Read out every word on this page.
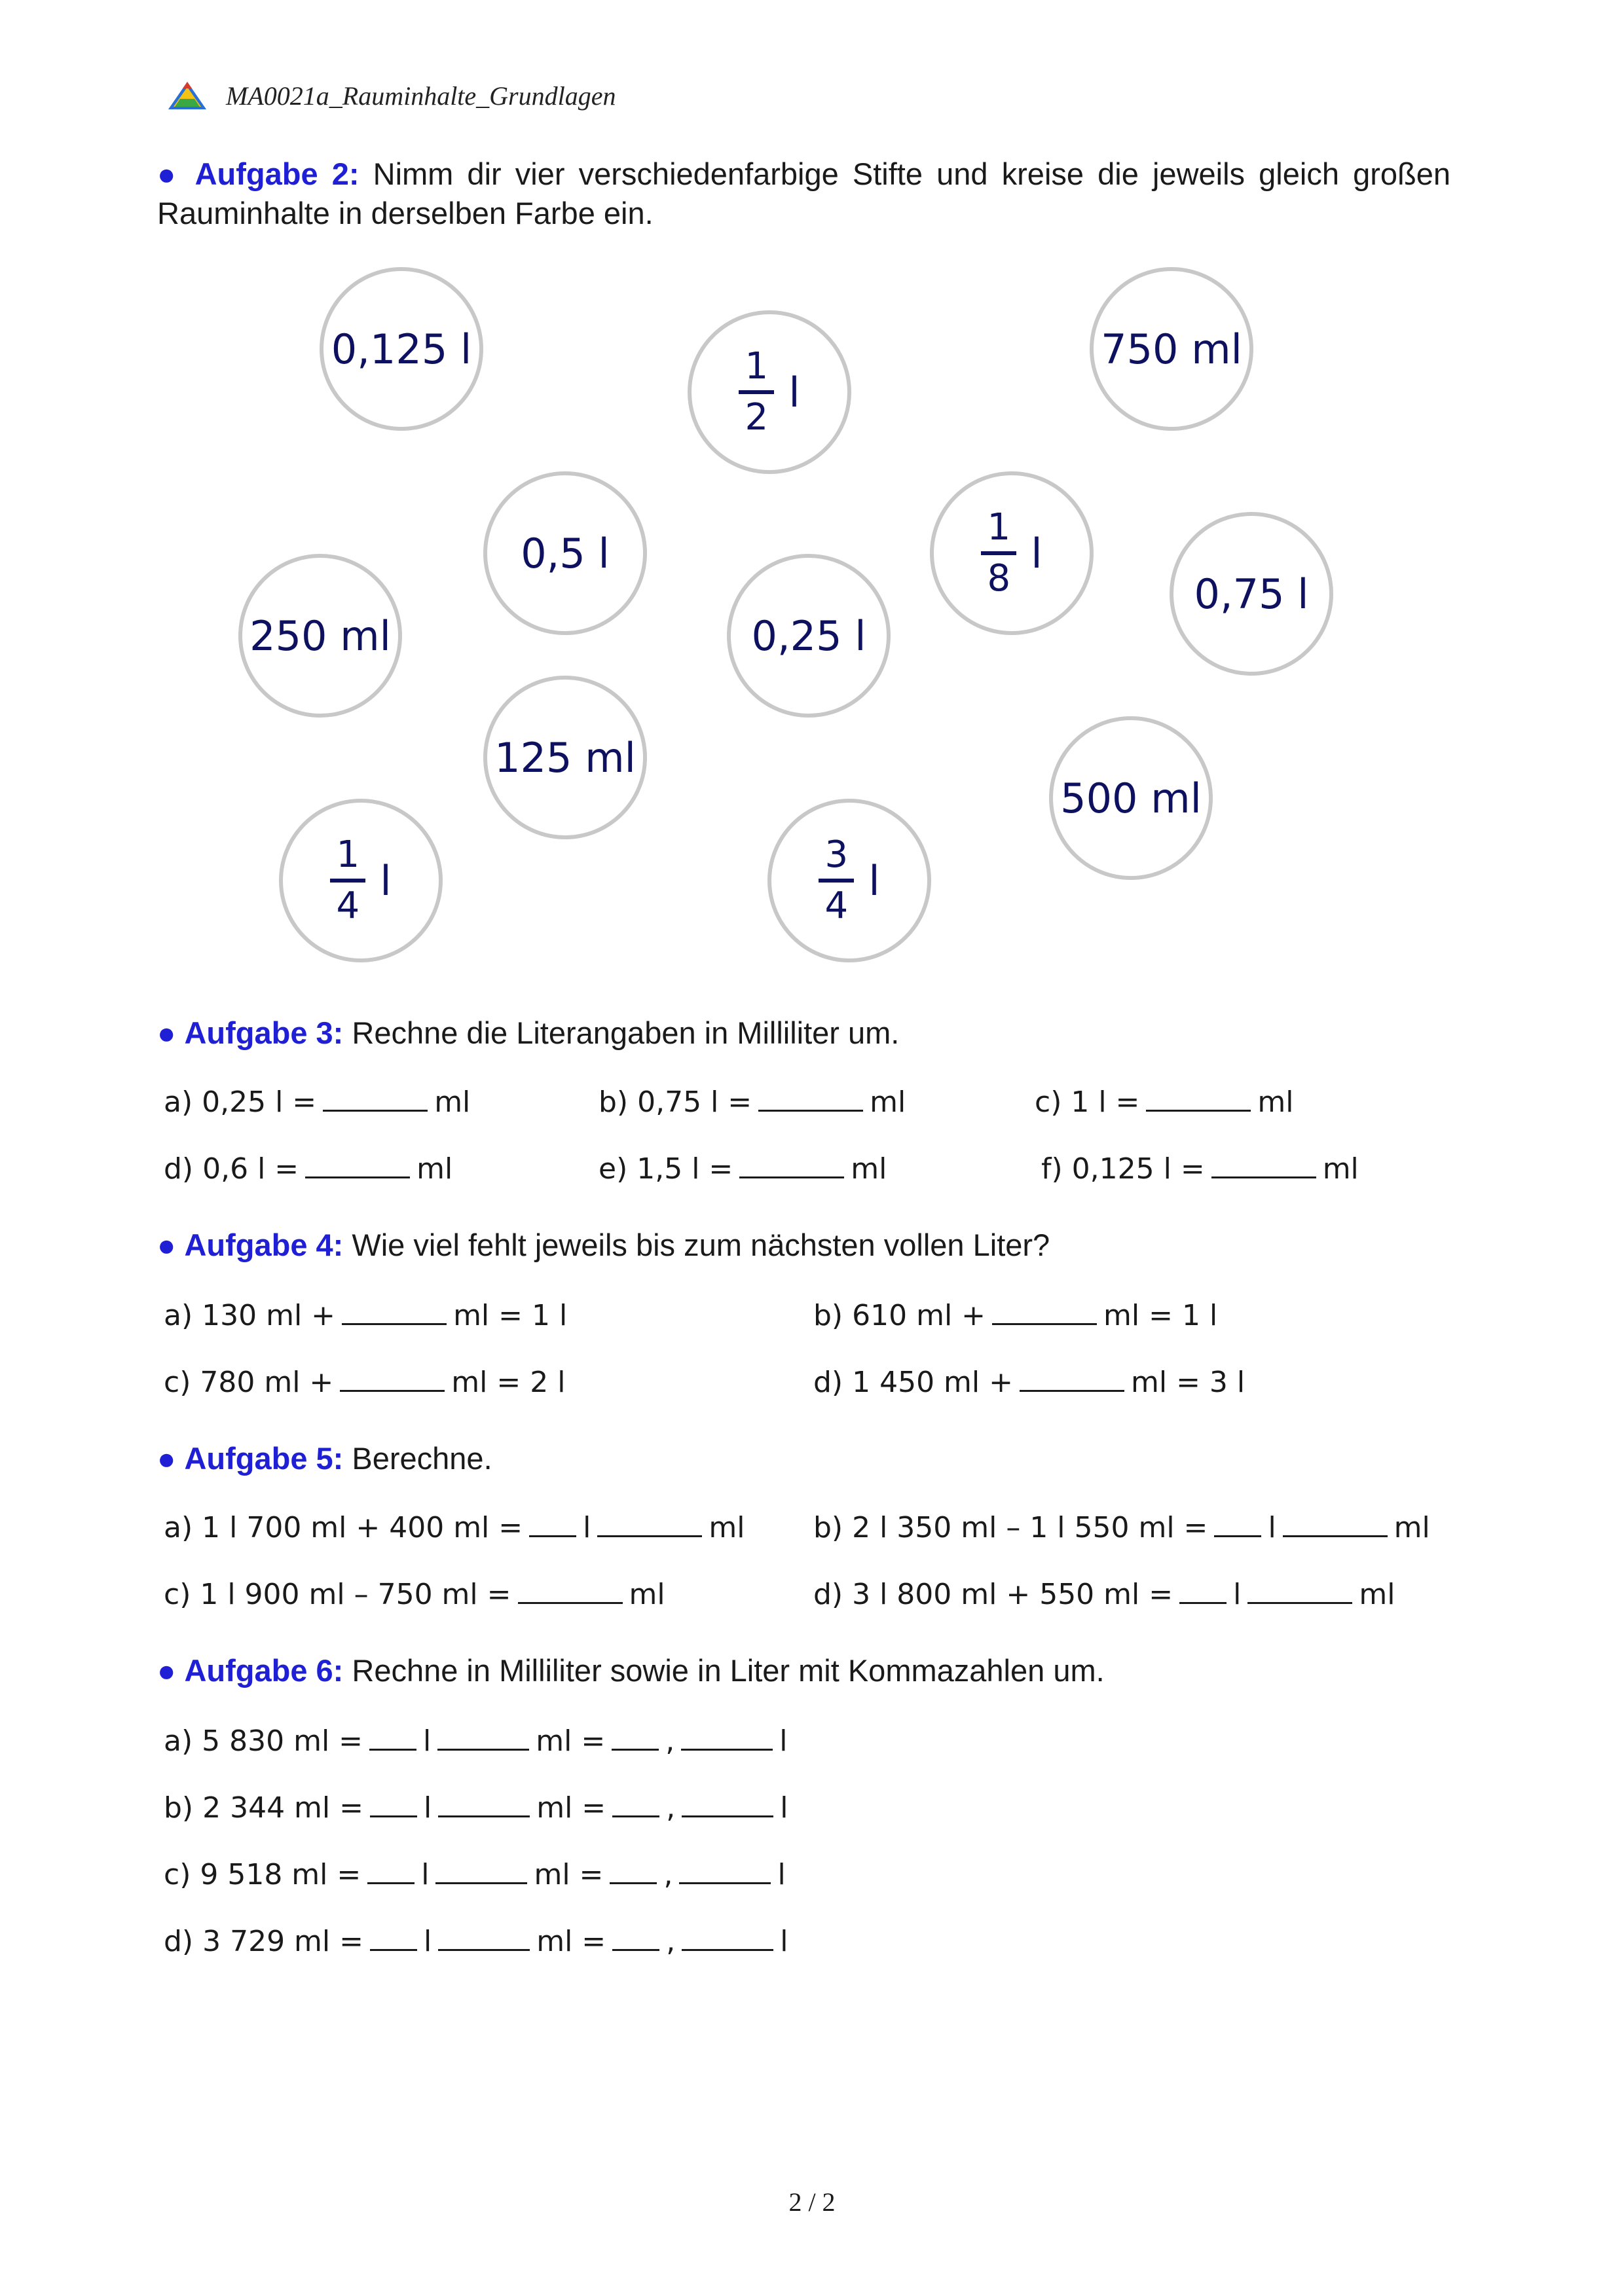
MA0021a_Rauminhalte_Grundlagen
● Aufgabe 2: Nimm dir vier verschiedenfarbige Stifte und kreise die jeweils gleich großen Rauminhalte in derselben Farbe ein.
0,125 l	1
2
l
750 ml
0,5 l
1
8
l
0,75 l
250 ml	0,25 l
125 ml
500 ml
1
4
l
3
4
l
● Aufgabe 3: Rechne die Literangaben in Milliliter um.
a) 0,25 l =	ml	b) 0,75 l =	ml	c) 1 l =	ml
d) 0,6 l =	ml	e) 1,5 l =	ml	f) 0,125 l =	ml
● Aufgabe 4: Wie viel fehlt jeweils bis zum nächsten vollen Liter?
a) 130 ml +	ml = 1 l	b) 610 ml +	ml = 1 l
c) 780 ml +	ml = 2 l	d) 1 450 ml +	ml = 3 l
● Aufgabe 5: Berechne.
a) 1 l 700 ml + 400 ml = l	ml b) 2 l 350 ml – 1 l 550 ml = l	ml
c) 1 l 900 ml – 750 ml =	ml	d) 3 l 800 ml + 550 ml = l	ml
● Aufgabe 6: Rechne in Milliliter sowie in Liter mit Kommazahlen um.
a) 5 830 ml = l	ml = ,	l
b) 2 344 ml = l	ml = ,	l
c) 9 518 ml = l	ml = ,	l
d) 3 729 ml = l	ml = ,	l
2 / 2
